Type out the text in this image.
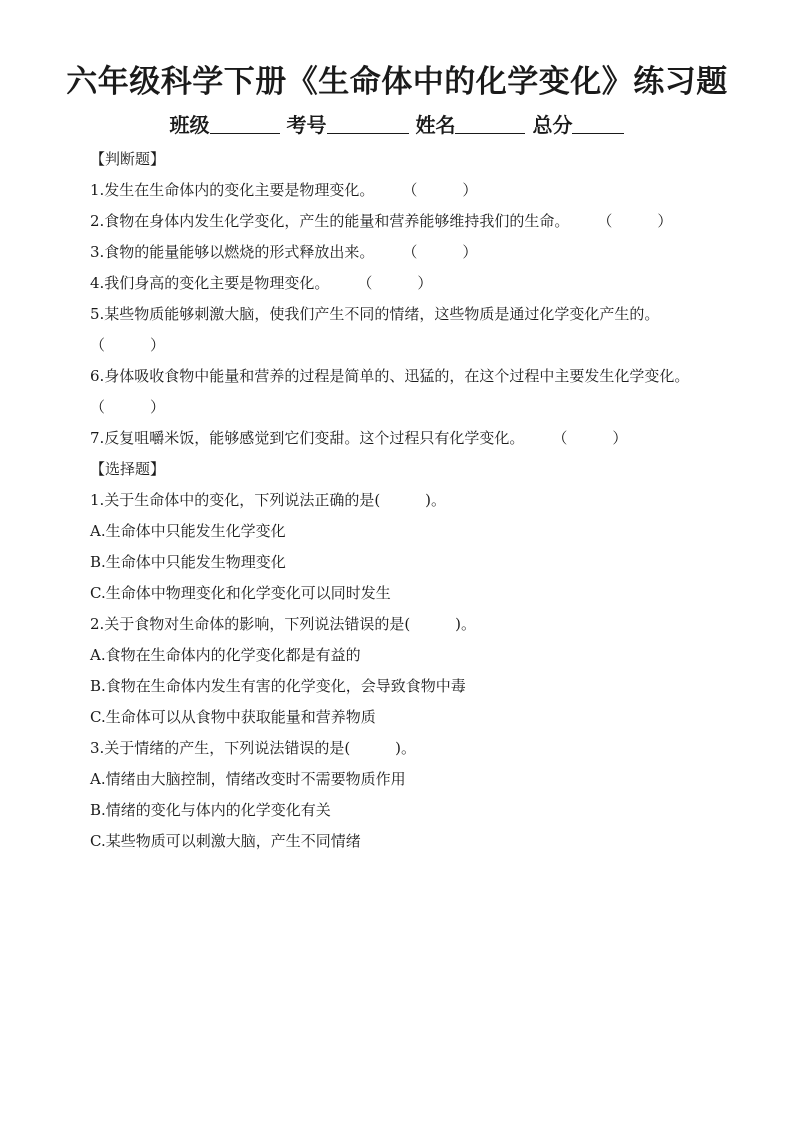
六年级科学下册《生命体中的化学变化》练习题
班级	考号	姓名	总分
【判断题】
1.发生在生命体内的变化主要是物理变化。 （　　　）
2.食物在身体内发生化学变化，产生的能量和营养能够维持我们的生命。 （　　　）
3.食物的能量能够以燃烧的形式释放出来。 （　　　）
4.我们身高的变化主要是物理变化。 （　　　）
5.某些物质能够刺激大脑，使我们产生不同的情绪，这些物质是通过化学变化产生的。（　　　）
6.身体吸收食物中能量和营养的过程是简单的、迅猛的，在这个过程中主要发生化学变化。（　　　）
7.反复咀嚼米饭，能够感觉到它们变甜。这个过程只有化学变化。 （　　　）
【选择题】
1.关于生命体中的变化，下列说法正确的是(　　　)。
A.生命体中只能发生化学变化
B.生命体中只能发生物理变化
C.生命体中物理变化和化学变化可以同时发生
2.关于食物对生命体的影响，下列说法错误的是(　　　)。
A.食物在生命体内的化学变化都是有益的
B.食物在生命体内发生有害的化学变化，会导致食物中毒
C.生命体可以从食物中获取能量和营养物质
3.关于情绪的产生，下列说法错误的是(　　　)。
A.情绪由大脑控制，情绪改变时不需要物质作用
B.情绪的变化与体内的化学变化有关
C.某些物质可以刺激大脑，产生不同情绪
